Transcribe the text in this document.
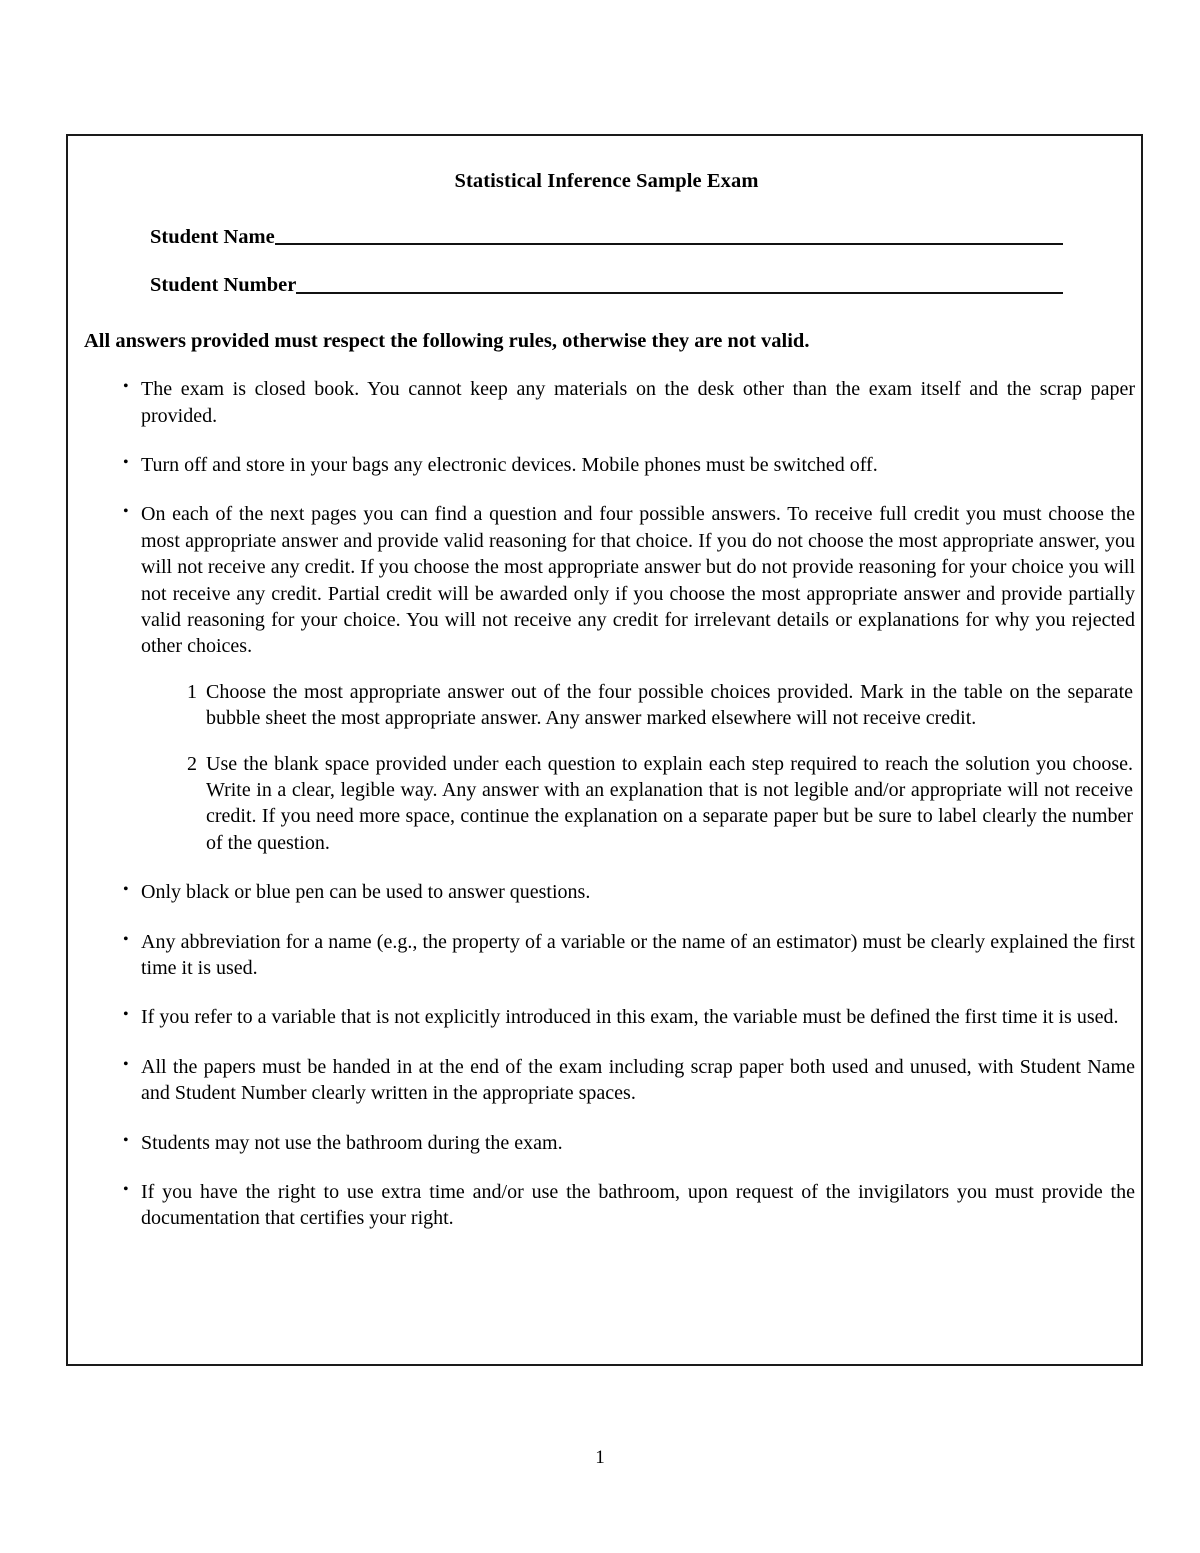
Statistical Inference Sample Exam
Student Name
Student Number
All answers provided must respect the following rules, otherwise they are not valid.
• The exam is closed book. You cannot keep any materials on the desk other than the exam itself and the scrap paper provided.
• Turn off and store in your bags any electronic devices. Mobile phones must be switched off.
• On each of the next pages you can find a question and four possible answers. To receive full credit you must choose the most appropriate answer and provide valid reasoning for that choice. If you do not choose the most appropriate answer, you will not receive any credit. If you choose the most appropriate answer but do not provide reasoning for your choice you will not receive any credit. Partial credit will be awarded only if you choose the most appropriate answer and provide partially valid reasoning for your choice. You will not receive any credit for irrelevant details or explanations for why you rejected other choices.
1 Choose the most appropriate answer out of the four possible choices provided. Mark in the table on the separate bubble sheet the most appropriate answer. Any answer marked elsewhere will not receive credit.
2 Use the blank space provided under each question to explain each step required to reach the solution you choose. Write in a clear, legible way. Any answer with an explanation that is not legible and/or appropriate will not receive credit. If you need more space, continue the explanation on a separate paper but be sure to label clearly the number of the question.
• Only black or blue pen can be used to answer questions.
• Any abbreviation for a name (e.g., the property of a variable or the name of an estimator) must be clearly explained the first time it is used.
• If you refer to a variable that is not explicitly introduced in this exam, the variable must be defined the first time it is used.
• All the papers must be handed in at the end of the exam including scrap paper both used and unused, with Student Name and Student Number clearly written in the appropriate spaces.
• Students may not use the bathroom during the exam.
• If you have the right to use extra time and/or use the bathroom, upon request of the invigilators you must provide the documentation that certifies your right.
1
